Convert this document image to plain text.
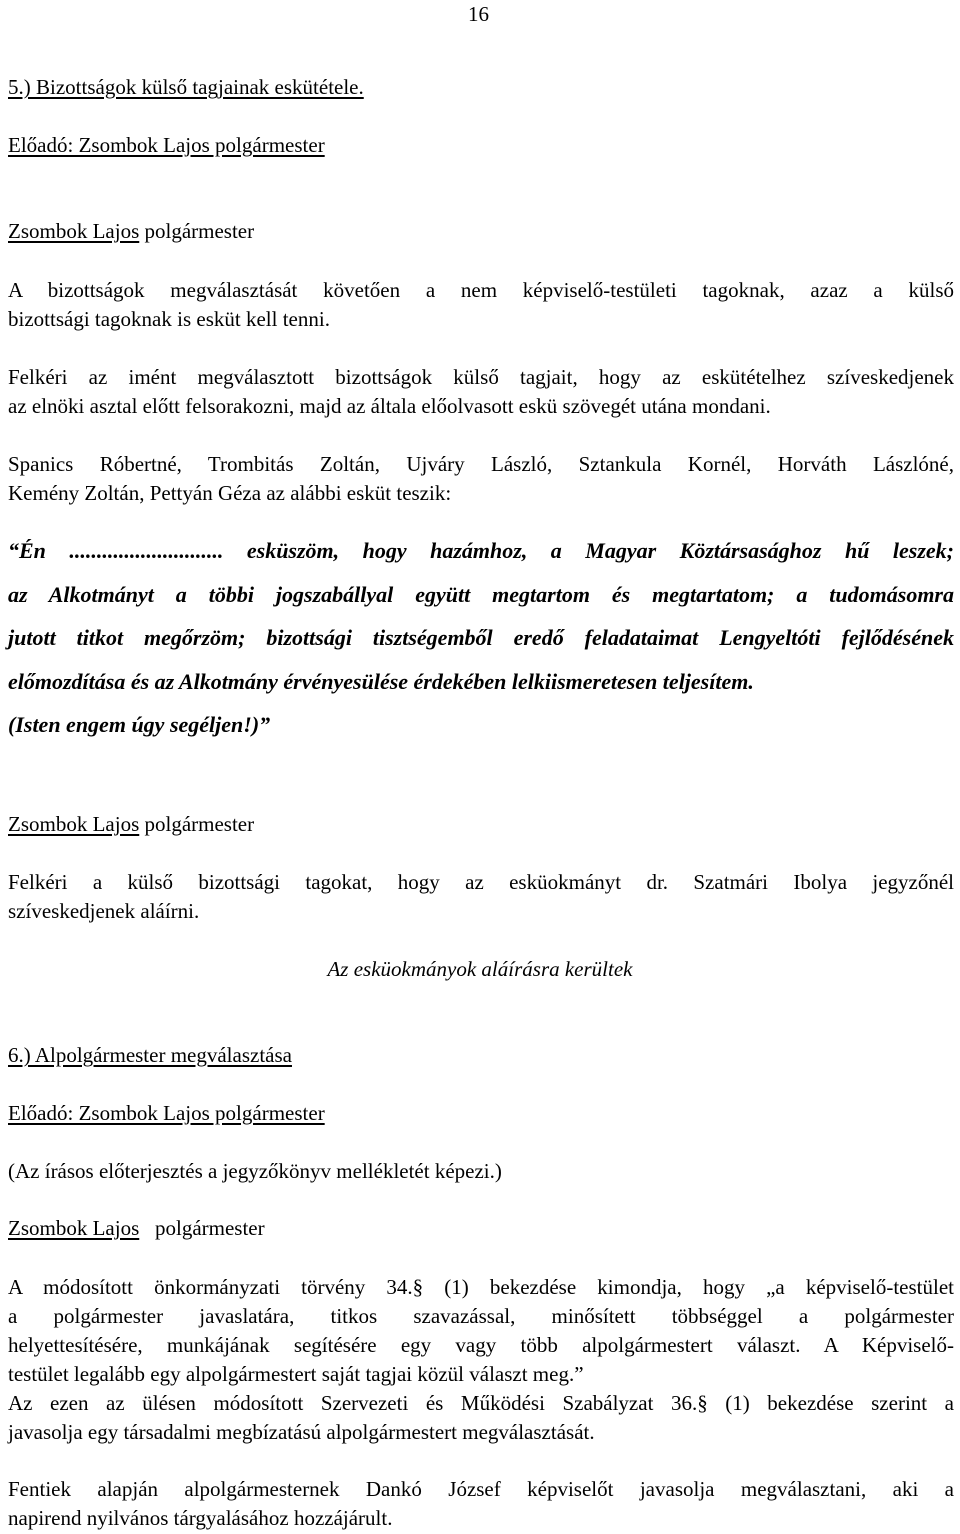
16
5.) Bizottságok külső tagjainak eskütétele.
Előadó: Zsombok Lajos polgármester
Zsombok Lajos polgármester
A bizottságok megválasztását követően a nem képviselő-testületi tagoknak, azaz a külső
bizottsági tagoknak is esküt kell tenni.
Felkéri az imént megválasztott bizottságok külső tagjait, hogy az eskütételhez szíveskedjenek
az elnöki asztal előtt felsorakozni, majd az általa előolvasott eskü szövegét utána mondani.
Spanics Róbertné, Trombitás Zoltán, Ujváry László, Sztankula Kornél, Horváth Lászlóné,
Kemény Zoltán, Pettyán Géza az alábbi esküt teszik:
“Én ............................ esküszöm, hogy hazámhoz, a Magyar Köztársasághoz hű leszek;
az Alkotmányt a többi jogszabállyal együtt megtartom és megtartatom; a tudomásomra
jutott titkot megőrzöm; bizottsági tisztségemből eredő feladataimat Lengyeltóti fejlődésének
előmozdítása és az Alkotmány érvényesülése érdekében lelkiismeretesen teljesítem.
(Isten engem úgy segéljen!)”
Zsombok Lajos polgármester
Felkéri a külső bizottsági tagokat, hogy az esküokmányt dr. Szatmári Ibolya jegyzőnél
szíveskedjenek aláírni.
Az esküokmányok aláírásra kerültek
6.) Alpolgármester megválasztása
Előadó: Zsombok Lajos polgármester
(Az írásos előterjesztés a jegyzőkönyv mellékletét képezi.)
Zsombok Lajos   polgármester
A módosított önkormányzati törvény 34.§ (1) bekezdése kimondja, hogy „a képviselő-testület
a polgármester javaslatára, titkos szavazással, minősített többséggel a polgármester
helyettesítésére, munkájának segítésére egy vagy több alpolgármestert választ. A Képviselő-
testület legalább egy alpolgármestert saját tagjai közül választ meg.”
Az ezen az ülésen módosított Szervezeti és Működési Szabályzat 36.§ (1) bekezdése szerint a
javasolja egy társadalmi megbízatású alpolgármestert megválasztását.
Fentiek alapján alpolgármesternek Dankó József képviselőt javasolja megválasztani, aki a
napirend nyilvános tárgyalásához hozzájárult.
